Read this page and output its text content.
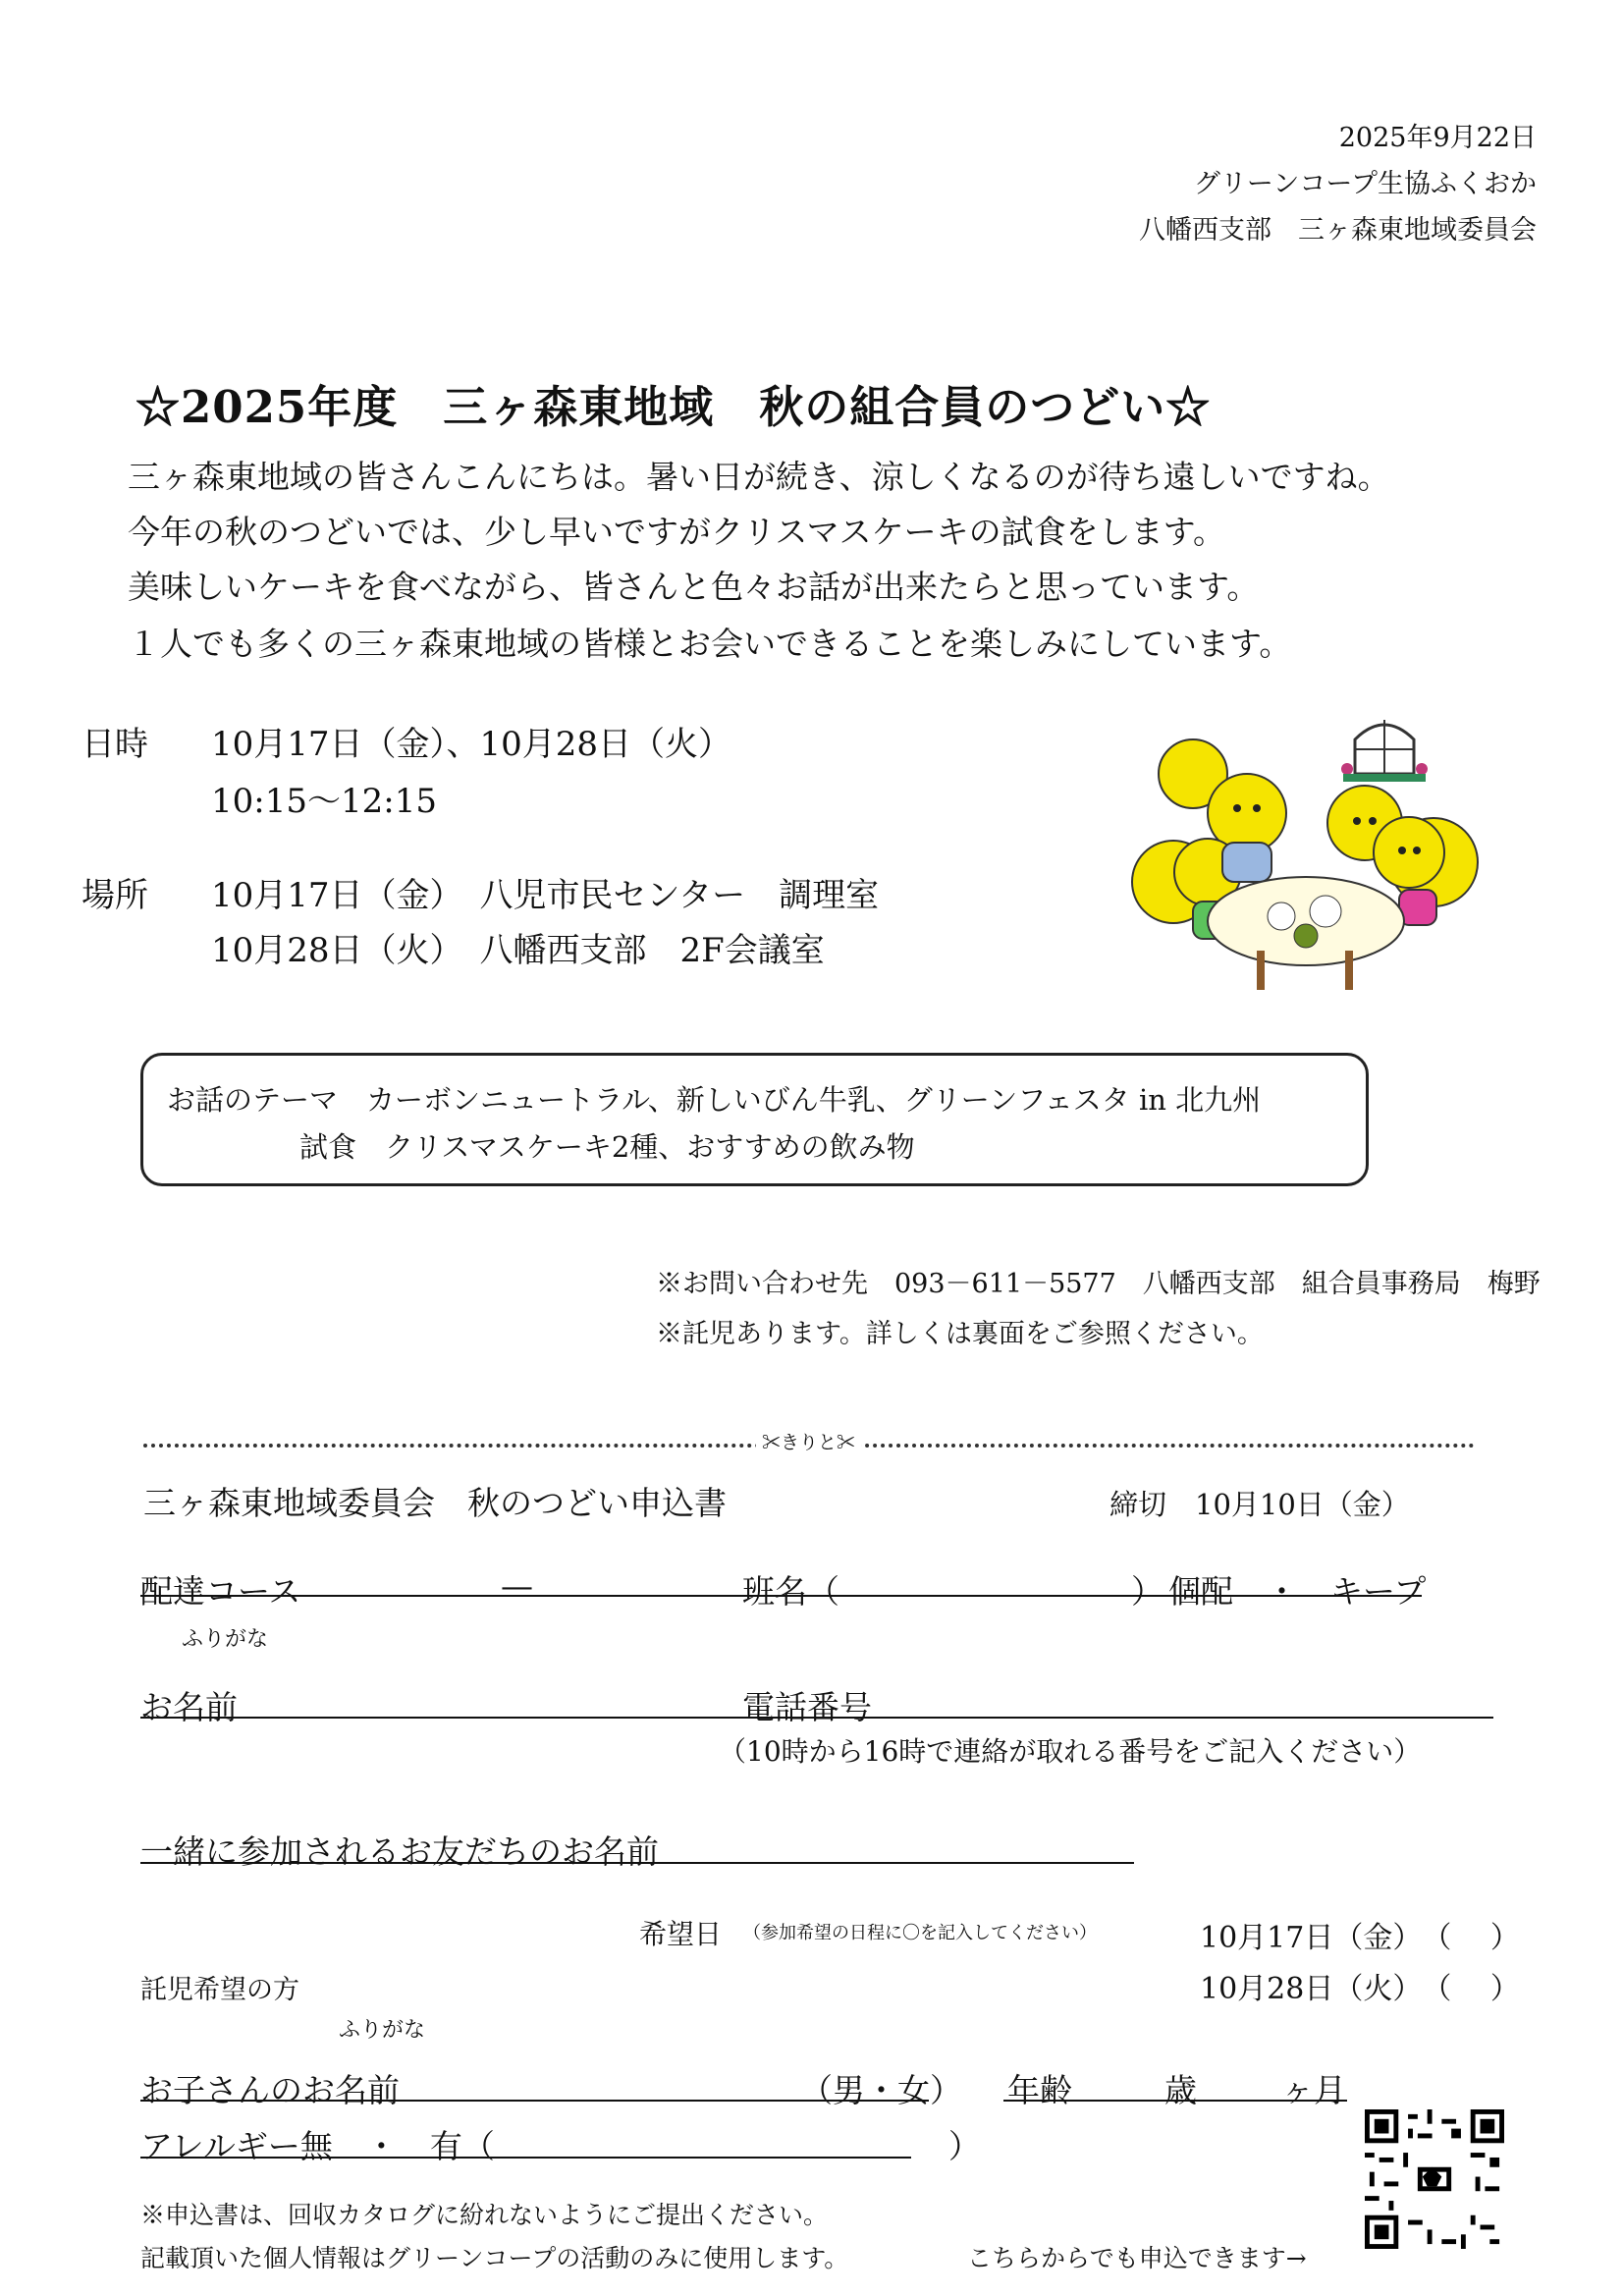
2025年9月22日
グリーンコープ生協ふくおか
八幡西支部　三ヶ森東地域委員会
☆2025年度　三ヶ森東地域　秋の組合員のつどい☆
三ヶ森東地域の皆さんこんにちは。暑い日が続き、涼しくなるのが待ち遠しいですね。
今年の秋のつどいでは、少し早いですがクリスマスケーキの試食をします。
美味しいケーキを食べながら、皆さんと色々お話が出来たらと思っています。
１人でも多くの三ヶ森東地域の皆様とお会いできることを楽しみにしています。
日時 10月17日（金）、10月28日（火）
10:15～12:15
場所 10月17日（金）　八児市民センター　調理室
10月28日（火）　八幡西支部　2F会議室
お話のテーマ　カーボンニュートラル、新しいびん牛乳、グリーンフェスタ in 北九州
試食　クリスマスケーキ2種、おすすめの飲み物
※お問い合わせ先　093－611－5577　八幡西支部　組合員事務局　梅野
※託児あります。詳しくは裏面をご参照ください。
✂きりと✂
三ヶ森東地域委員会　秋のつどい申込書	締切　10月10日（金）
配達コース	—	班名（　　　　　　　　　） 個配　・　キープ
ふりがな
お名前	電話番号
（10時から16時で連絡が取れる番号をご記入ください）
一緒に参加されるお友だちのお名前
希望日 （参加希望の日程に〇を記入してください）	10月17日（金）　（　 ）
10月28日（火）　（　 ）
託児希望の方
ふりがな
お子さんのお名前	（男・女） 年齢	歳	ヶ月
アレルギー無　・　有（　　　　　　　　　　　　　　）
※申込書は、回収カタログに紛れないようにご提出ください。
記載頂いた個人情報はグリーンコープの活動のみに使用します。	こちらからでも申込できます→
